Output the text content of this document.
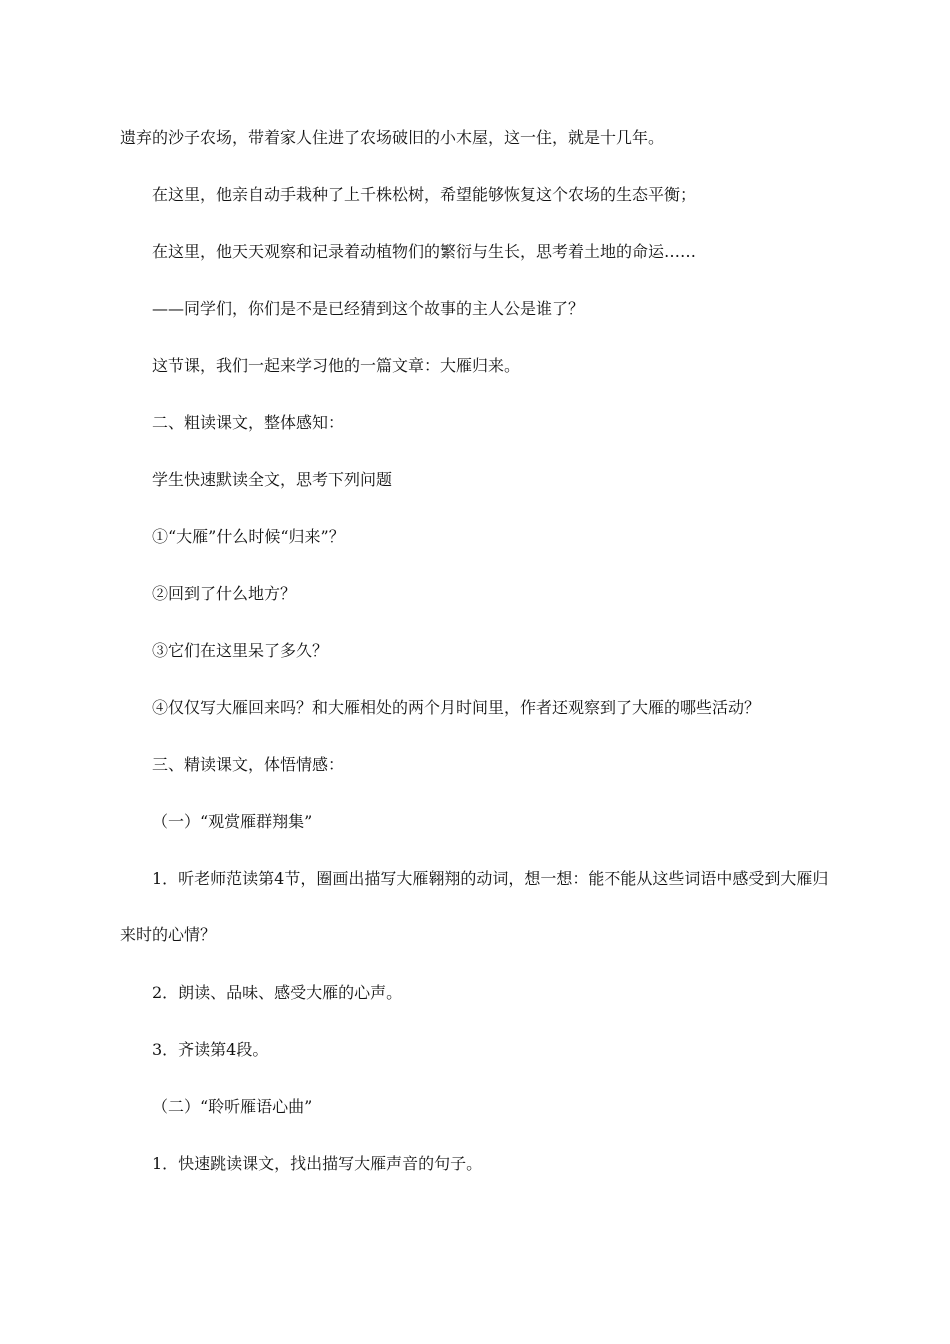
遗弃的沙子农场，带着家人住进了农场破旧的小木屋，这一住，就是十几年。
在这里，他亲自动手栽种了上千株松树，希望能够恢复这个农场的生态平衡；
在这里，他天天观察和记录着动植物们的繁衍与生长，思考着土地的命运……
——同学们，你们是不是已经猜到这个故事的主人公是谁了？
这节课，我们一起来学习他的一篇文章：大雁归来。
二、粗读课文，整体感知：
学生快速默读全文，思考下列问题
①“大雁”什么时候“归来”？
②回到了什么地方？
③它们在这里呆了多久？
④仅仅写大雁回来吗？和大雁相处的两个月时间里，作者还观察到了大雁的哪些活动？
三、精读课文，体悟情感：
（一）“观赏雁群翔集”
1．听老师范读第4节，圈画出描写大雁翱翔的动词，想一想：能不能从这些词语中感受到大雁归来时的心情？
2．朗读、品味、感受大雁的心声。
3．齐读第4段。
（二）“聆听雁语心曲”
1．快速跳读课文，找出描写大雁声音的句子。
